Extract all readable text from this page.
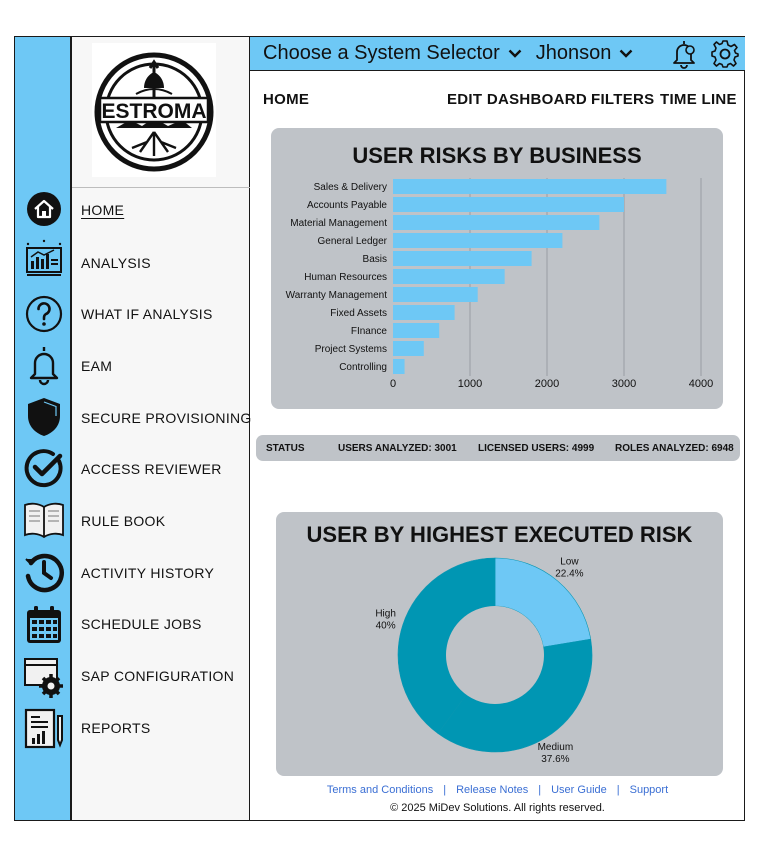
ESTROMA
HOME
ANALYSIS
WHAT IF ANALYSIS
EAM
SECURE PROVISIONING
ACCESS REVIEWER
RULE BOOK
ACTIVITY HISTORY
SCHEDULE JOBS
SAP CONFIGURATION
REPORTS
Choose a System Selector Jhonson
HOME	EDIT DASHBOARD FILTERS TIME LINE
USER RISKS BY BUSINESS
0	1000	2000	3000	4000
Sales & Delivery
Accounts Payable
Material Management
General Ledger
Basis
Human Resources
Warranty Management
Fixed Assets
FInance
Project Systems
Controlling
STATUS	USERS ANALYZED: 3001 LICENSED USERS: 4999 ROLES ANALYZED: 6948
USER BY HIGHEST EXECUTED RISK
Low
22.4%
Medium
37.6%
High
40%
Terms and Conditions | Release Notes | User Guide | Support
© 2025 MiDev Solutions. All rights reserved.
